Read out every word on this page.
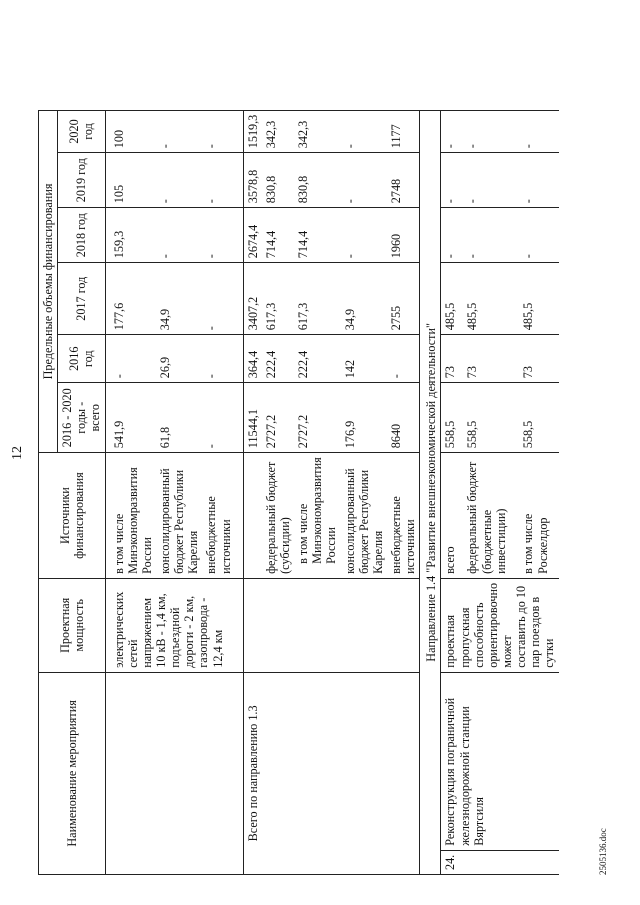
12
Наименование мероприятия		Проектная мощность	Источники финансирования	Предельные объемы финансирования					
				2016 - 2020 годы - всего	2016 год	2017 год	2018 год	2019 год	2020 год
		электрических сетей напряжением 10 кВ - 1,4 км, подъездной дороги - 2 км, газопровода - 12,4 км	в том числе Минэкономразвития России	541,9	-	177,6	159,3	105	100
			консолидированный бюджет Республики Карелия	61,8	26,9	34,9	-	-	-
			внебюджетные источники	-	-	-	-	-	-
Всего по направлению 1.3				11544,1	364,4	3407,2	2674,4	3578,8	1519,3
			федеральный бюджет (субсидии)	2727,2	222,4	617,3	714,4	830,8	342,3
			в том числе Минэкономразвития России	2727,2	222,4	617,3	714,4	830,8	342,3
			консолидированный бюджет Республики Карелия	176,9	142	34,9	-	-	-
			внебюджетные источники	8640	-	2755	1960	2748	1177
Направление 1.4 "Развитие внешнеэкономической деятельности"									
24.	Реконструкция пограничной железнодорожной станции Вяртсиля	проектная пропускная способность ориентировочно может составить до 10 пар поездов в сутки	всего	558,5	73	485,5	-	-	-
			федеральный бюджет (бюджетные инвестиции)	558,5	73	485,5	-	-	-
			в том числе Росжелдор	558,5	73	485,5	-	-	-
2505136.doc
